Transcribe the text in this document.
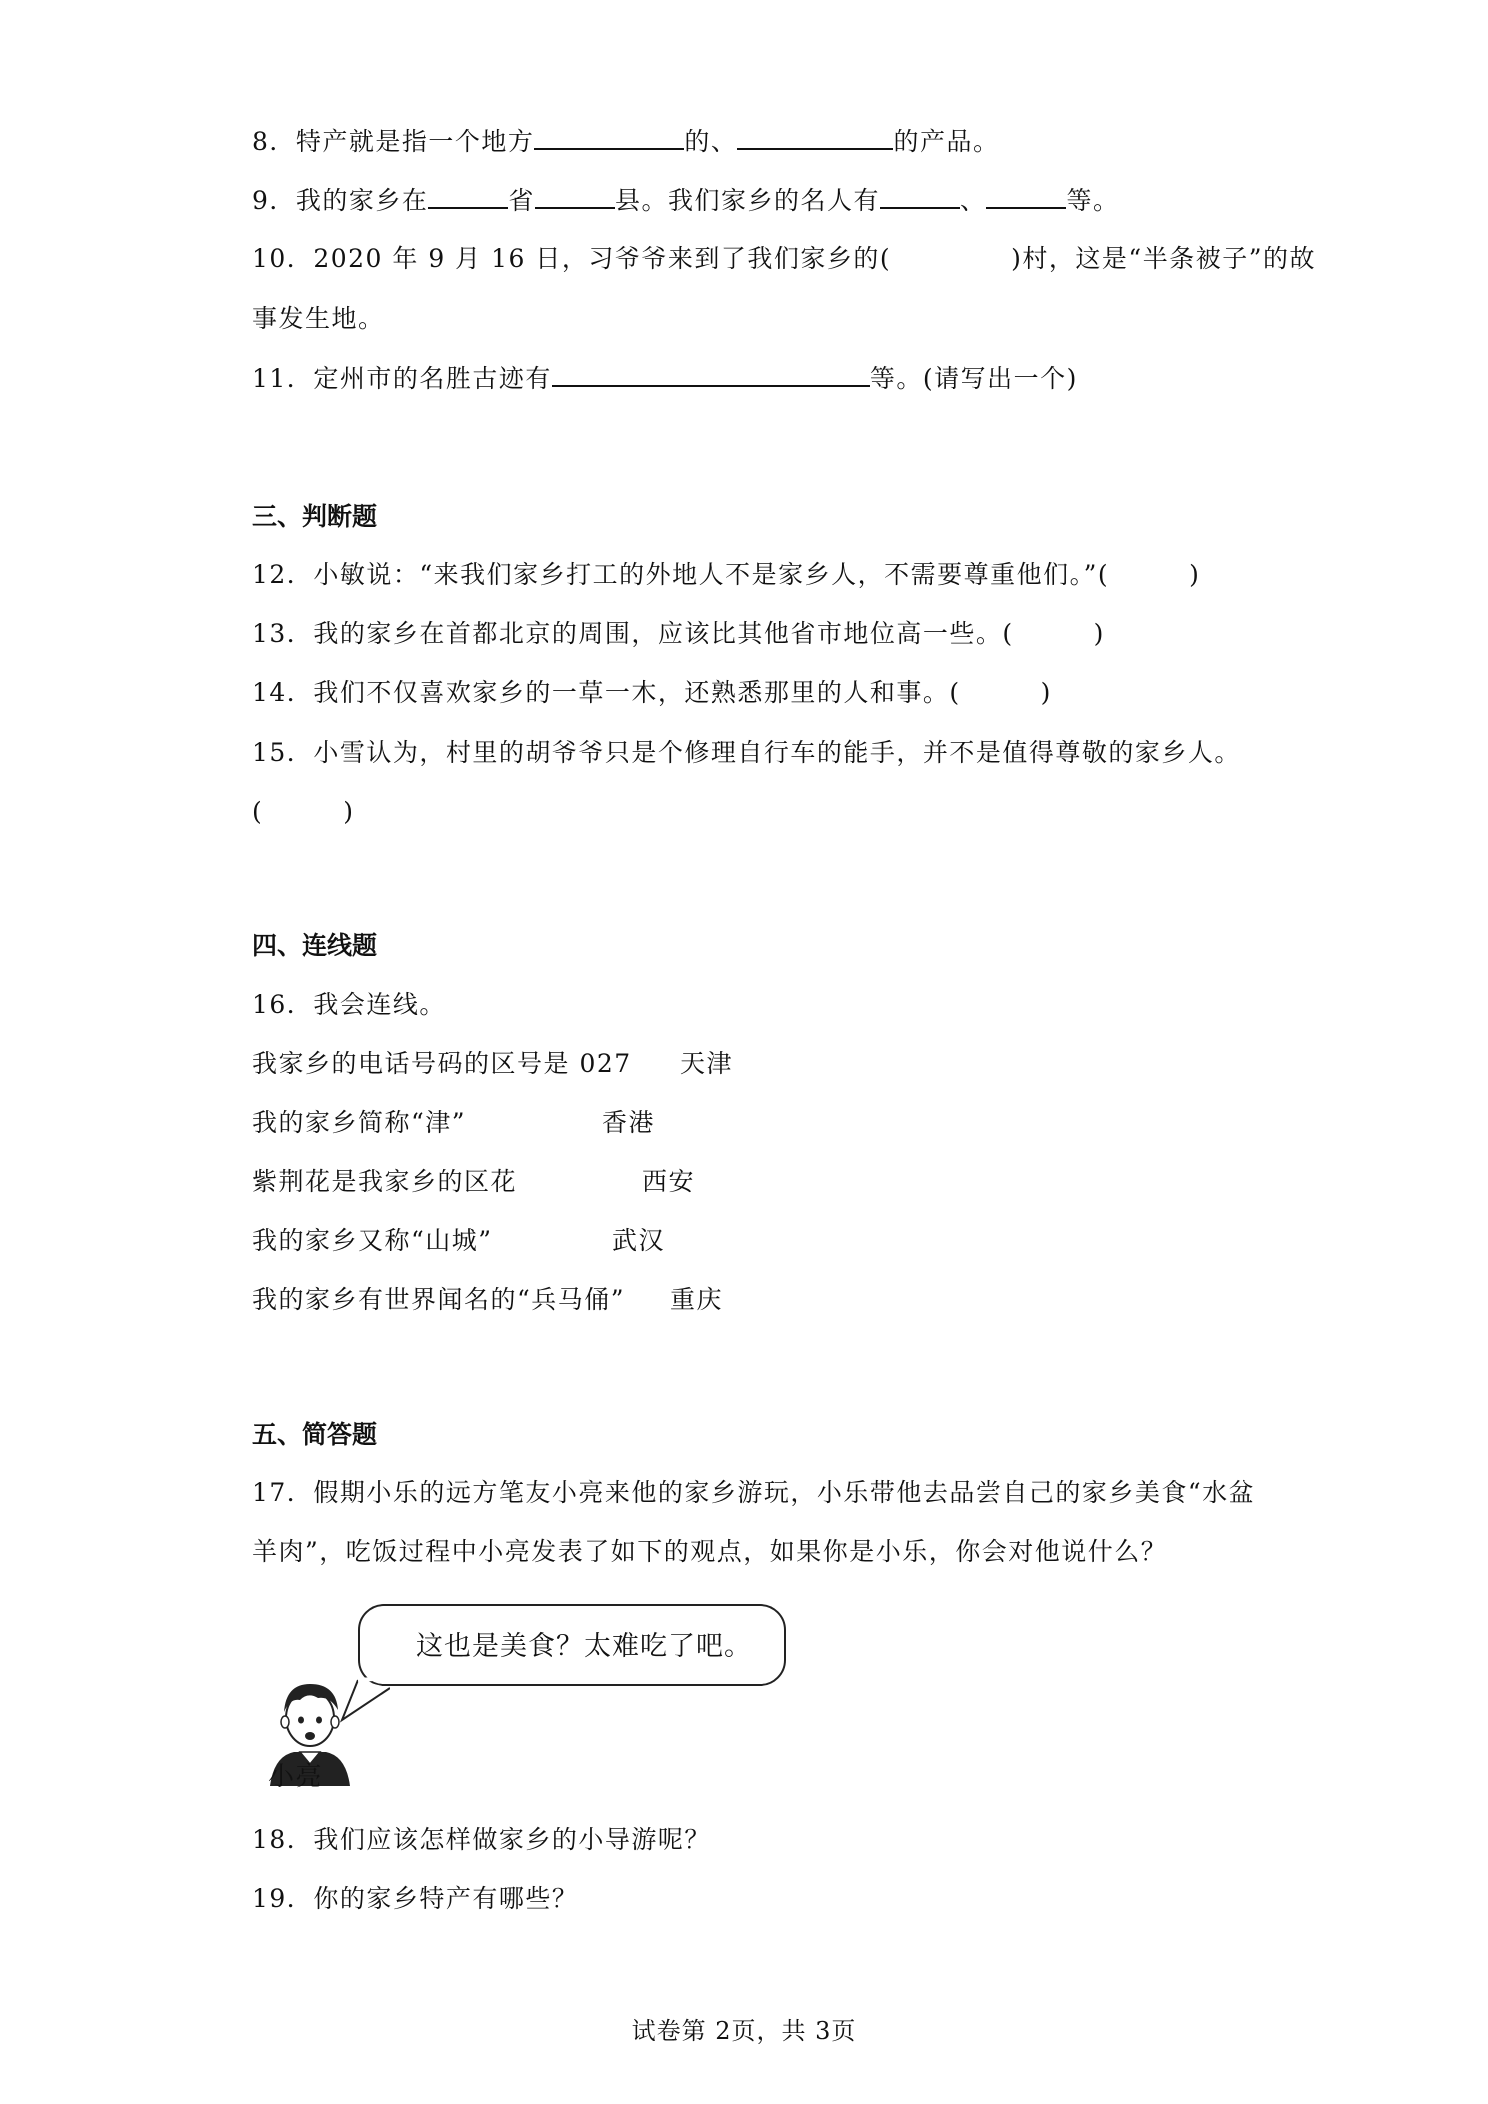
8．特产就是指一个地方	的、	的产品。
9．我的家乡在	省	县。我们家乡的名人有	、	等。
10．2020 年 9 月 16 日，习爷爷来到了我们家乡的(	)村，这是“半条被子”的故
事发生地。
11．定州市的名胜古迹有	等。(请写出一个)
三、判断题
12．小敏说：“来我们家乡打工的外地人不是家乡人，不需要尊重他们。”(	)
13．我的家乡在首都北京的周围，应该比其他省市地位高一些。(	)
14．我们不仅喜欢家乡的一草一木，还熟悉那里的人和事。(	)
15．小雪认为，村里的胡爷爷只是个修理自行车的能手，并不是值得尊敬的家乡人。
(	)
四、连线题
16．我会连线。
我家乡的电话号码的区号是 027 天津
我的家乡简称“津”	香港
紫荆花是我家乡的区花	西安
我的家乡又称“山城”	武汉
我的家乡有世界闻名的“兵马俑” 重庆
五、简答题
17．假期小乐的远方笔友小亮来他的家乡游玩，小乐带他去品尝自己的家乡美食“水盆
羊肉”，吃饭过程中小亮发表了如下的观点，如果你是小乐，你会对他说什么？
这也是美食？太难吃了吧。
小亮
18．我们应该怎样做家乡的小导游呢？
19．你的家乡特产有哪些？
试卷第 2页，共 3页
